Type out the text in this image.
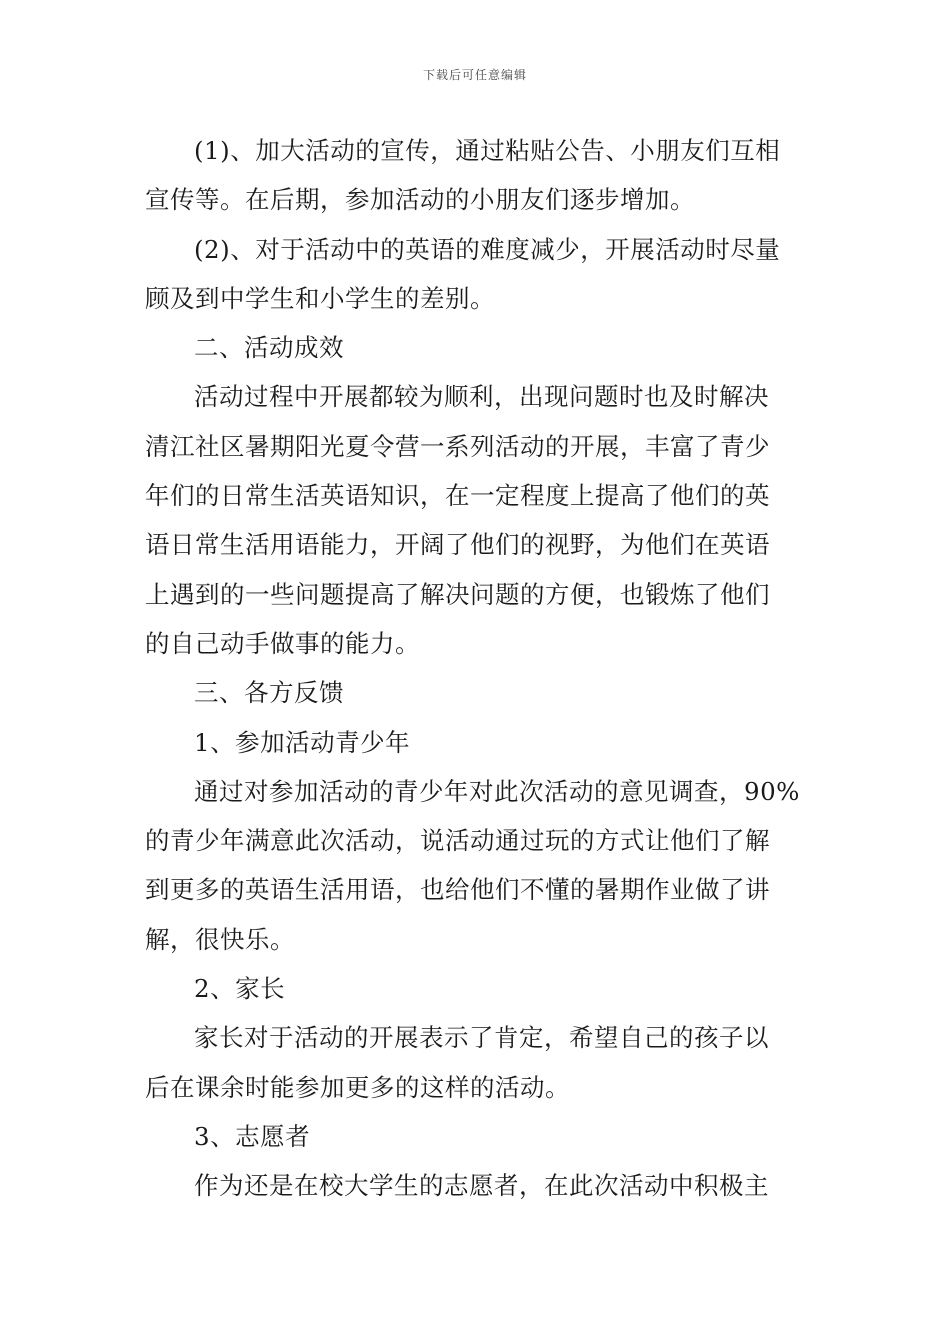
下载后可任意编辑

(1)、加大活动的宣传，通过粘贴公告、小朋友们互相
宣传等。在后期，参加活动的小朋友们逐步增加。

(2)、对于活动中的英语的难度减少，开展活动时尽量
顾及到中学生和小学生的差别。

二、活动成效

活动过程中开展都较为顺利，出现问题时也及时解决
清江社区暑期阳光夏令营一系列活动的开展，丰富了青少
年们的日常生活英语知识，在一定程度上提高了他们的英
语日常生活用语能力，开阔了他们的视野，为他们在英语
上遇到的一些问题提高了解决问题的方便，也锻炼了他们
的自己动手做事的能力。

三、各方反馈

1、参加活动青少年

通过对参加活动的青少年对此次活动的意见调查，90%
的青少年满意此次活动，说活动通过玩的方式让他们了解
到更多的英语生活用语，也给他们不懂的暑期作业做了讲
解，很快乐。

2、家长

家长对于活动的开展表示了肯定，希望自己的孩子以
后在课余时能参加更多的这样的活动。

3、志愿者

作为还是在校大学生的志愿者，在此次活动中积极主
